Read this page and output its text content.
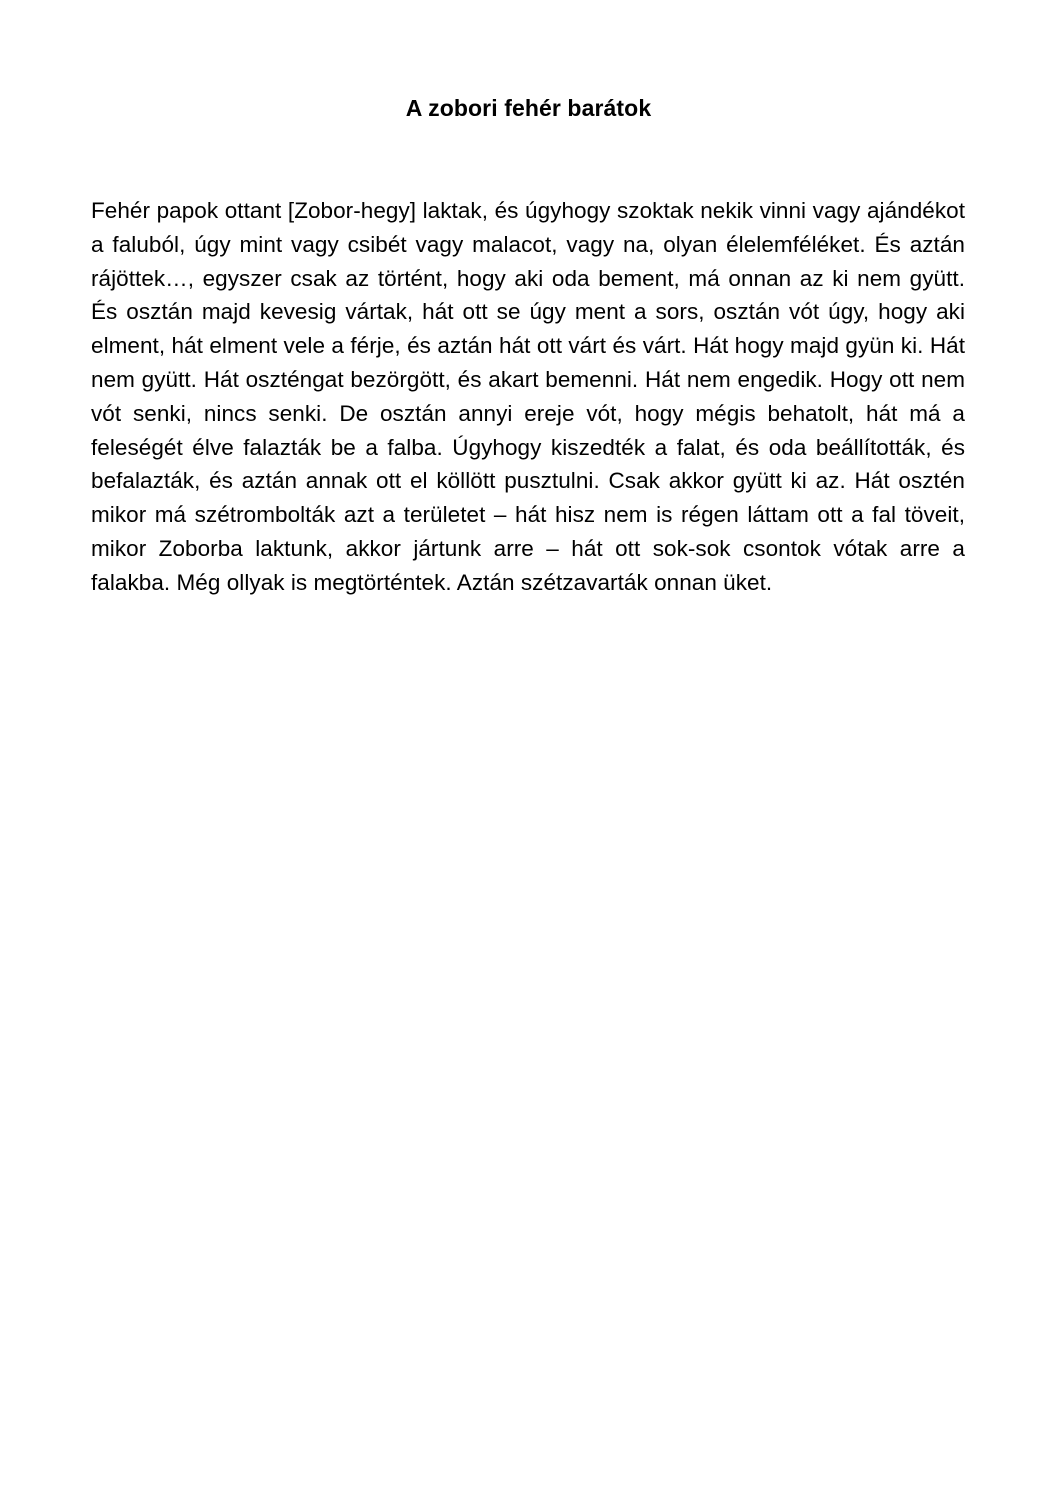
A zobori fehér barátok
Fehér papok ottant [Zobor-hegy] laktak, és úgyhogy szoktak nekik vinni vagy ajándékot a faluból, úgy mint vagy csibét vagy malacot, vagy na, olyan élelemféléket. És aztán rájöttek…, egyszer csak az történt, hogy aki oda bement, má onnan az ki nem gyütt. És osztán majd kevesig vártak, hát ott se úgy ment a sors, osztán vót úgy, hogy aki elment, hát elment vele a férje, és aztán hát ott várt és várt. Hát hogy majd gyün ki. Hát nem gyütt. Hát oszténgat bezörgött, és akart bemenni. Hát nem engedik. Hogy ott nem vót senki, nincs senki. De osztán annyi ereje vót, hogy mégis behatolt, hát má a feleségét élve falazták be a falba. Úgyhogy kiszedték a falat, és oda beállították, és befalazták, és aztán annak ott el köllött pusztulni. Csak akkor gyütt ki az. Hát osztén mikor má szétrombolták azt a területet – hát hisz nem is régen láttam ott a fal töveit, mikor Zoborba laktunk, akkor jártunk arre – hát ott sok-sok csontok vótak arre a falakba. Még ollyak is megtörténtek. Aztán szétzavarták onnan üket.
